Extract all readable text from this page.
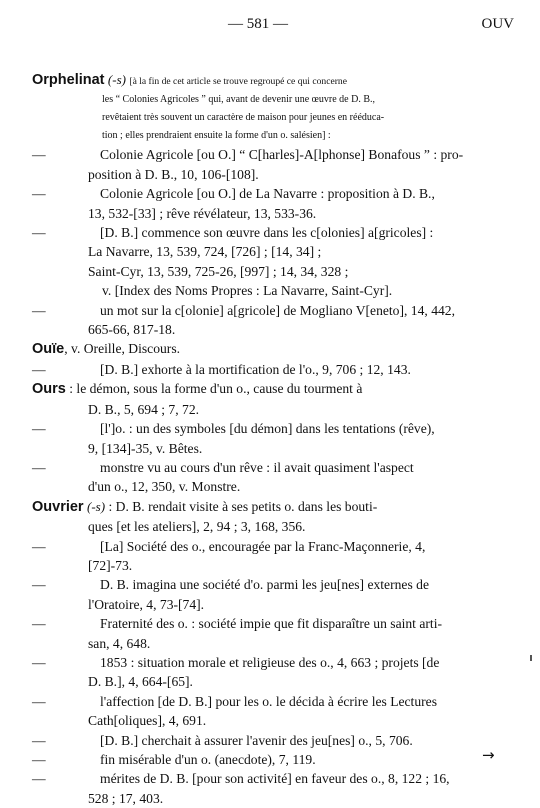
— 581 —	OUV
Orphelinat (-s) [à la fin de cet article se trouve regroupé ce qui concerne
les “ Colonies Agricoles ” qui, avant de devenir une œuvre de D. B.,
revêtaient très souvent un caractère de maison pour jeunes en rééduca-
tion ; elles prendraient ensuite la forme d'un o. salésien] :
—	Colonie Agricole [ou O.] “ C[harles]-A[lphonse] Bonafous ” : pro-
position à D. B., 10, 106-[108].
—	Colonie Agricole [ou O.] de La Navarre : proposition à D. B.,
13, 532-[33] ; rêve révélateur, 13, 533-36.
—	[D. B.] commence son œuvre dans les c[olonies] a[gricoles] :
La Navarre, 13, 539, 724, [726] ; [14, 34] ;
Saint-Cyr, 13, 539, 725-26, [997] ; 14, 34, 328 ;
v. [Index des Noms Propres : La Navarre, Saint-Cyr].
—	un mot sur la c[olonie] a[gricole] de Mogliano V[eneto], 14, 442,
665-66, 817-18.
Ouïe, v. Oreille, Discours.
—	[D. B.] exhorte à la mortification de l'o., 9, 706 ; 12, 143.
Ours : le démon, sous la forme d'un o., cause du tourment à
D. B., 5, 694 ; 7, 72.
—	[l']o. : un des symboles [du démon] dans les tentations (rêve),
9, [134]-35, v. Bêtes.
—	monstre vu au cours d'un rêve : il avait quasiment l'aspect
d'un o., 12, 350, v. Monstre.
Ouvrier (-s) : D. B. rendait visite à ses petits o. dans les bouti-
ques [et les ateliers], 2, 94 ; 3, 168, 356.
—	[La] Société des o., encouragée par la Franc-Maçonnerie, 4,
[72]-73.
—	D. B. imagina une société d'o. parmi les jeu[nes] externes de
l'Oratoire, 4, 73-[74].
—	Fraternité des o. : société impie que fit disparaître un saint arti-
san, 4, 648.
—	1853 : situation morale et religieuse des o., 4, 663 ; projets [de
D. B.], 4, 664-[65].
—	l'affection [de D. B.] pour les o. le décida à écrire les Lectures
Cath[oliques], 4, 691.
—	[D. B.] cherchait à assurer l'avenir des jeu[nes] o., 5, 706.
—	fin misérable d'un o. (anecdote), 7, 119.
—	mérites de D. B. [pour son activité] en faveur des o., 8, 122 ; 16,
528 ; 17, 403.
→
